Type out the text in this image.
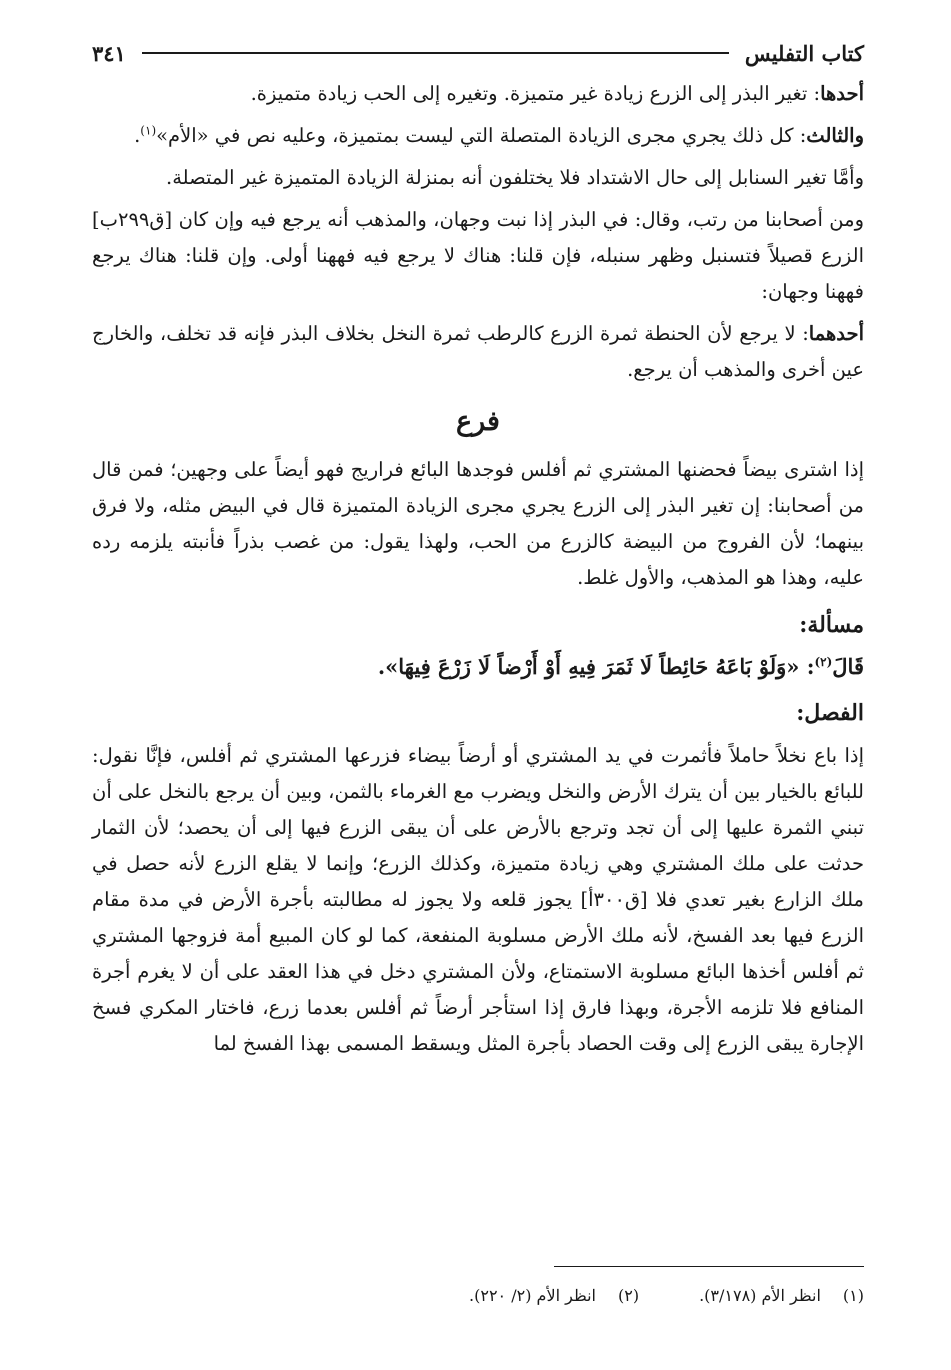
كتاب التفليس
٣٤١

أحدها: تغير البذر إلى الزرع زيادة غير متميزة. وتغيره إلى الحب زيادة متميزة.

والثالث: كل ذلك يجري مجرى الزيادة المتصلة التي ليست بمتميزة، وعليه نص في «الأم»$^{(١)}$.

وأمَّا تغير السنابل إلى حال الاشتداد فلا يختلفون أنه بمنزلة الزيادة المتميزة غير المتصلة.

ومن أصحابنا من رتب، وقال: في البذر إذا نبت وجهان، والمذهب أنه يرجع فيه وإن كان [ق٢٩٩ب] الزرع قصيلاً فتسنبل وظهر سنبله، فإن قلنا: هناك لا يرجع فيه فههنا أولى. وإن قلنا: هناك يرجع فههنا وجهان:

أحدهما: لا يرجع لأن الحنطة ثمرة الزرع كالرطب ثمرة النخل بخلاف البذر فإنه قد تخلف، والخارج عين أخرى والمذهب أن يرجع.

فرع

إذا اشترى بيضاً فحضنها المشتري ثم أفلس فوجدها البائع فراريج فهو أيضاً على وجهين؛ فمن قال من أصحابنا: إن تغير البذر إلى الزرع يجري مجرى الزيادة المتميزة قال في البيض مثله، ولا فرق بينهما؛ لأن الفروج من البيضة كالزرع من الحب، ولهذا يقول: من غصب بذراً فأنبته يلزمه رده عليه، وهذا هو المذهب، والأول غلط.

مسألة:
قَالَ$^{(٢)}$: «وَلَوْ بَاعَهُ حَائِطاً لَا ثَمَرَ فِيهِ أَوْ أَرْضاً لَا زَرْعَ فِيهَا».
الفصل:

إذا باع نخلاً حاملاً فأثمرت في يد المشتري أو أرضاً بيضاء فزرعها المشتري ثم أفلس، فإنَّا نقول: للبائع بالخيار بين أن يترك الأرض والنخل ويضرب مع الغرماء بالثمن، وبين أن يرجع بالنخل على أن تبني الثمرة عليها إلى أن تجد وترجع بالأرض على أن يبقى الزرع فيها إلى أن يحصد؛ لأن الثمار حدثت على ملك المشتري وهي زيادة متميزة، وكذلك الزرع؛ وإنما لا يقلع الزرع لأنه حصل في ملك الزارع بغير تعدي فلا [ق٣٠٠أ] يجوز قلعه ولا يجوز له مطالبته بأجرة الأرض في مدة مقام الزرع فيها بعد الفسخ، لأنه ملك الأرض مسلوبة المنفعة، كما لو كان المبيع أمة فزوجها المشتري ثم أفلس أخذها البائع مسلوبة الاستمتاع، ولأن المشتري دخل في هذا العقد على أن لا يغرم أجرة المنافع فلا تلزمه الأجرة، وبهذا فارق إذا استأجر أرضاً ثم أفلس بعدما زرع، فاختار المكري فسخ الإجارة يبقى الزرع إلى وقت الحصاد بأجرة المثل ويسقط المسمى بهذا الفسخ لما

(١)انظر الأم (٣/١٧٨).
(٢)انظر الأم (٢/ ٢٢٠).
